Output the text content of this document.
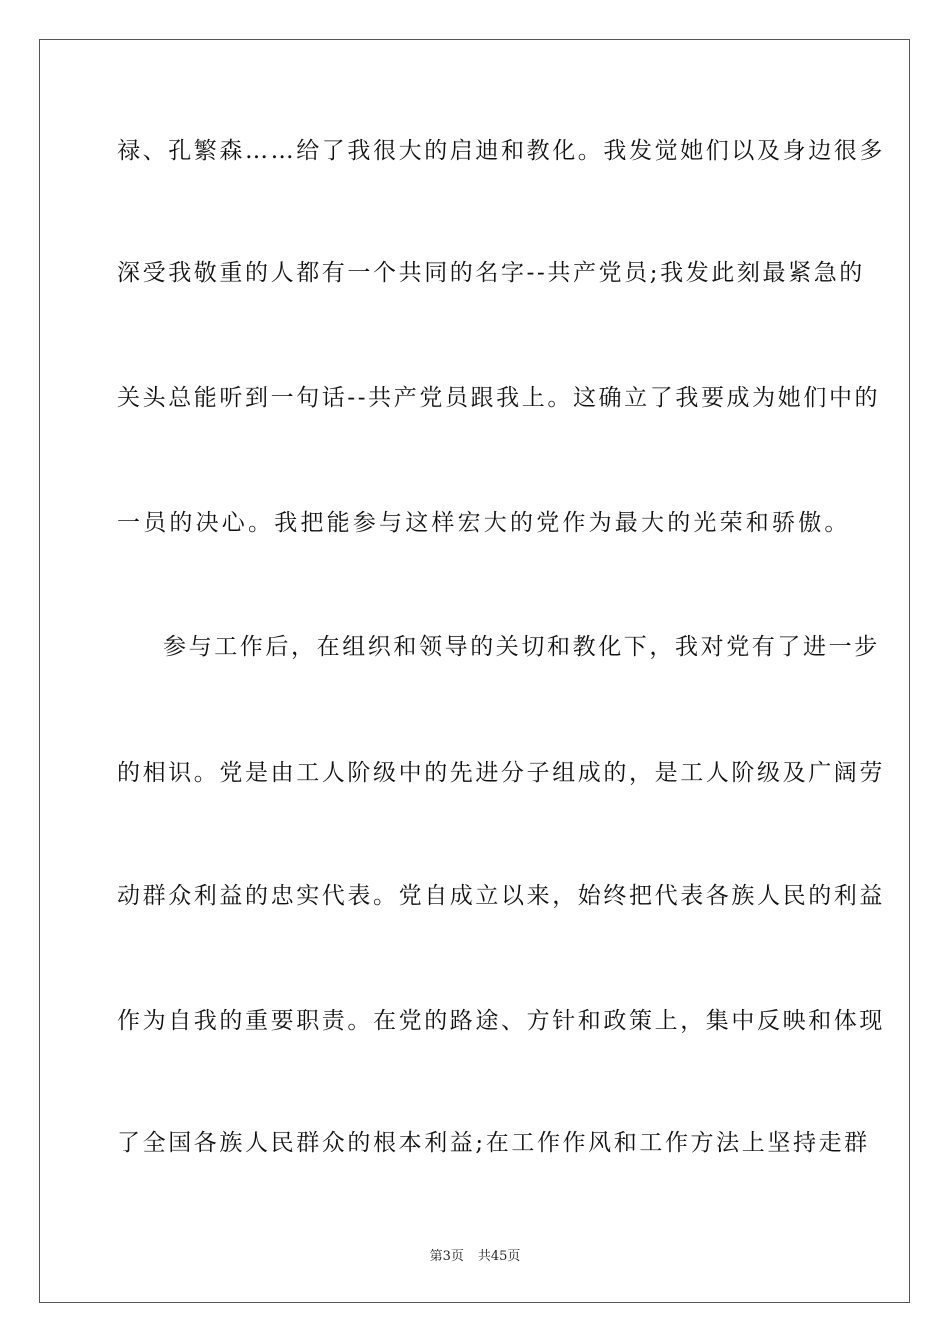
禄、孔繁森……给了我很大的启迪和教化。我发觉她们以及身边很多
深受我敬重的人都有一个共同的名字--共产党员;我发此刻最紧急的
关头总能听到一句话--共产党员跟我上。这确立了我要成为她们中的
一员的决心。我把能参与这样宏大的党作为最大的光荣和骄傲。
参与工作后，在组织和领导的关切和教化下，我对党有了进一步
的相识。党是由工人阶级中的先进分子组成的，是工人阶级及广阔劳
动群众利益的忠实代表。党自成立以来，始终把代表各族人民的利益
作为自我的重要职责。在党的路途、方针和政策上，集中反映和体现
了全国各族人民群众的根本利益;在工作作风和工作方法上坚持走群
第3页 共45页
